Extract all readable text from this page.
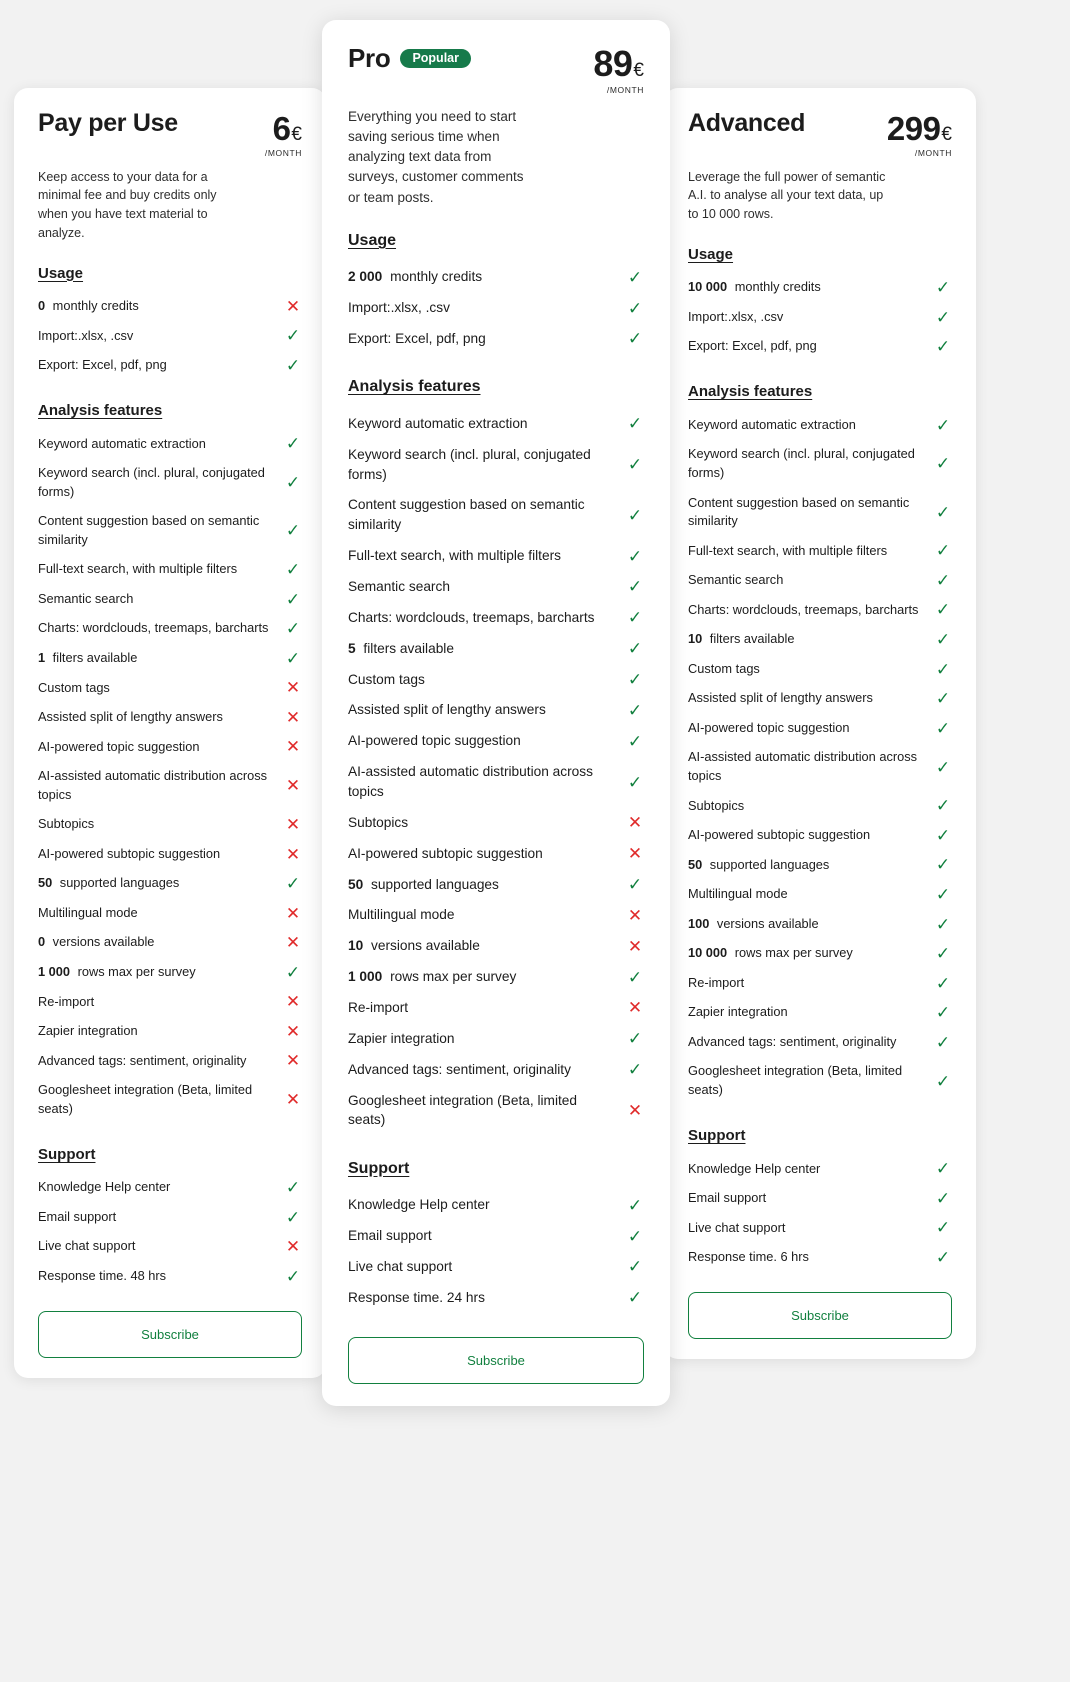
Pay per Use	6€
/MONTH

Keep access to your data for a minimal fee and buy credits only when you have text material to analyze.

Usage
0 monthly credits	✕
Import:.xlsx, .csv	✓
Export: Excel, pdf, png	✓
Analysis features
Keyword automatic extraction	✓
Keyword search (incl. plural, conjugated forms)	✓
Content suggestion based on semantic similarity	✓
Full-text search, with multiple filters	✓
Semantic search	✓
Charts: wordclouds, treemaps, barcharts	✓
1 filters available	✓
Custom tags	✕
Assisted split of lengthy answers	✕
AI-powered topic suggestion	✕
AI-assisted automatic distribution across topics	✕
Subtopics	✕
AI-powered subtopic suggestion	✕
50 supported languages	✓
Multilingual mode	✕
0 versions available	✕
1 000 rows max per survey	✓
Re-import	✕
Zapier integration	✕
Advanced tags: sentiment, originality	✕
Googlesheet integration (Beta, limited seats)	✕
Support
Knowledge Help center	✓
Email support	✓
Live chat support	✕
Response time. 48 hrs	✓
Subscribe
Pro	Popular	89€
/MONTH

Everything you need to start saving serious time when analyzing text data from surveys, customer comments or team posts.

Usage
2 000 monthly credits	✓
Import:.xlsx, .csv	✓
Export: Excel, pdf, png	✓
Analysis features
Keyword automatic extraction	✓
Keyword search (incl. plural, conjugated forms)	✓
Content suggestion based on semantic similarity	✓
Full-text search, with multiple filters	✓
Semantic search	✓
Charts: wordclouds, treemaps, barcharts	✓
5 filters available	✓
Custom tags	✓
Assisted split of lengthy answers	✓
AI-powered topic suggestion	✓
AI-assisted automatic distribution across topics	✓
Subtopics	✕
AI-powered subtopic suggestion	✕
50 supported languages	✓
Multilingual mode	✕
10 versions available	✕
1 000 rows max per survey	✓
Re-import	✕
Zapier integration	✓
Advanced tags: sentiment, originality	✓
Googlesheet integration (Beta, limited seats)	✕
Support
Knowledge Help center	✓
Email support	✓
Live chat support	✓
Response time. 24 hrs	✓
Subscribe
Advanced 299€
/MONTH

Leverage the full power of semantic A.I. to analyse all your text data, up to 10 000 rows.

Usage
10 000 monthly credits	✓
Import:.xlsx, .csv	✓
Export: Excel, pdf, png	✓
Analysis features
Keyword automatic extraction	✓
Keyword search (incl. plural, conjugated forms)	✓
Content suggestion based on semantic similarity	✓
Full-text search, with multiple filters	✓
Semantic search	✓
Charts: wordclouds, treemaps, barcharts	✓
10 filters available	✓
Custom tags	✓
Assisted split of lengthy answers	✓
AI-powered topic suggestion	✓
AI-assisted automatic distribution across topics	✓
Subtopics	✓
AI-powered subtopic suggestion	✓
50 supported languages	✓
Multilingual mode	✓
100 versions available	✓
10 000 rows max per survey	✓
Re-import	✓
Zapier integration	✓
Advanced tags: sentiment, originality	✓
Googlesheet integration (Beta, limited seats)	✓
Support
Knowledge Help center	✓
Email support	✓
Live chat support	✓
Response time. 6 hrs	✓
Subscribe
